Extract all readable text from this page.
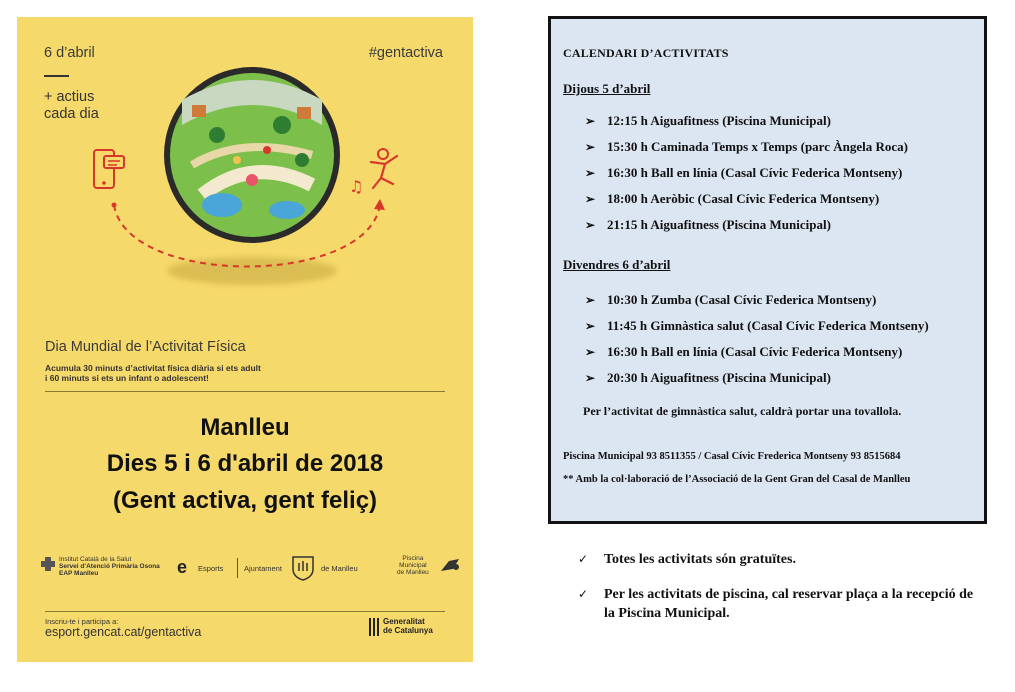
6 d’abril	#gentactiva
+ actius
cada dia
♫
Dia Mundial de l’Activitat Física
Acumula 30 minuts d’activitat física diària si ets adult
i 60 minuts si ets un infant o adolescent!
Manlleu
Dies 5 i 6 d'abril de 2018
(Gent activa, gent feliç)
Institut Català de la Salut
Servei d’Atenció Primària Osona
EAP Manlleu	e Esports	Ajuntament	de Manlleu
Piscina
Municipal
de Manlleu
Inscriu-te i participa a:
esport.gencat.cat/gentactiva
Generalitat
de Catalunya
CALENDARI D’ACTIVITATS
Dijous 5 d’abril
➢ 12:15 h Aiguafitness (Piscina Municipal)
➢ 15:30 h Caminada Temps x Temps (parc Àngela Roca)
➢ 16:30 h Ball en línia (Casal Cívic Federica Montseny)
➢ 18:00 h Aeròbic (Casal Cívic Federica Montseny)
➢ 21:15 h Aiguafitness (Piscina Municipal)
Divendres 6 d’abril
➢ 10:30 h Zumba (Casal Cívic Federica Montseny)
➢ 11:45 h Gimnàstica salut (Casal Cívic Federica Montseny)
➢ 16:30 h Ball en línia (Casal Cívic Federica Montseny)
➢ 20:30 h Aiguafitness (Piscina Municipal)
Per l’activitat de gimnàstica salut, caldrà portar una tovallola.
Piscina Municipal 93 8511355 / Casal Cívic Frederica Montseny 93 8515684
** Amb la col·laboració de l’Associació de la Gent Gran del Casal de Manlleu
✓	Totes les activitats són gratuïtes.
✓	Per les activitats de piscina, cal reservar plaça a la recepció de la Piscina Municipal.
